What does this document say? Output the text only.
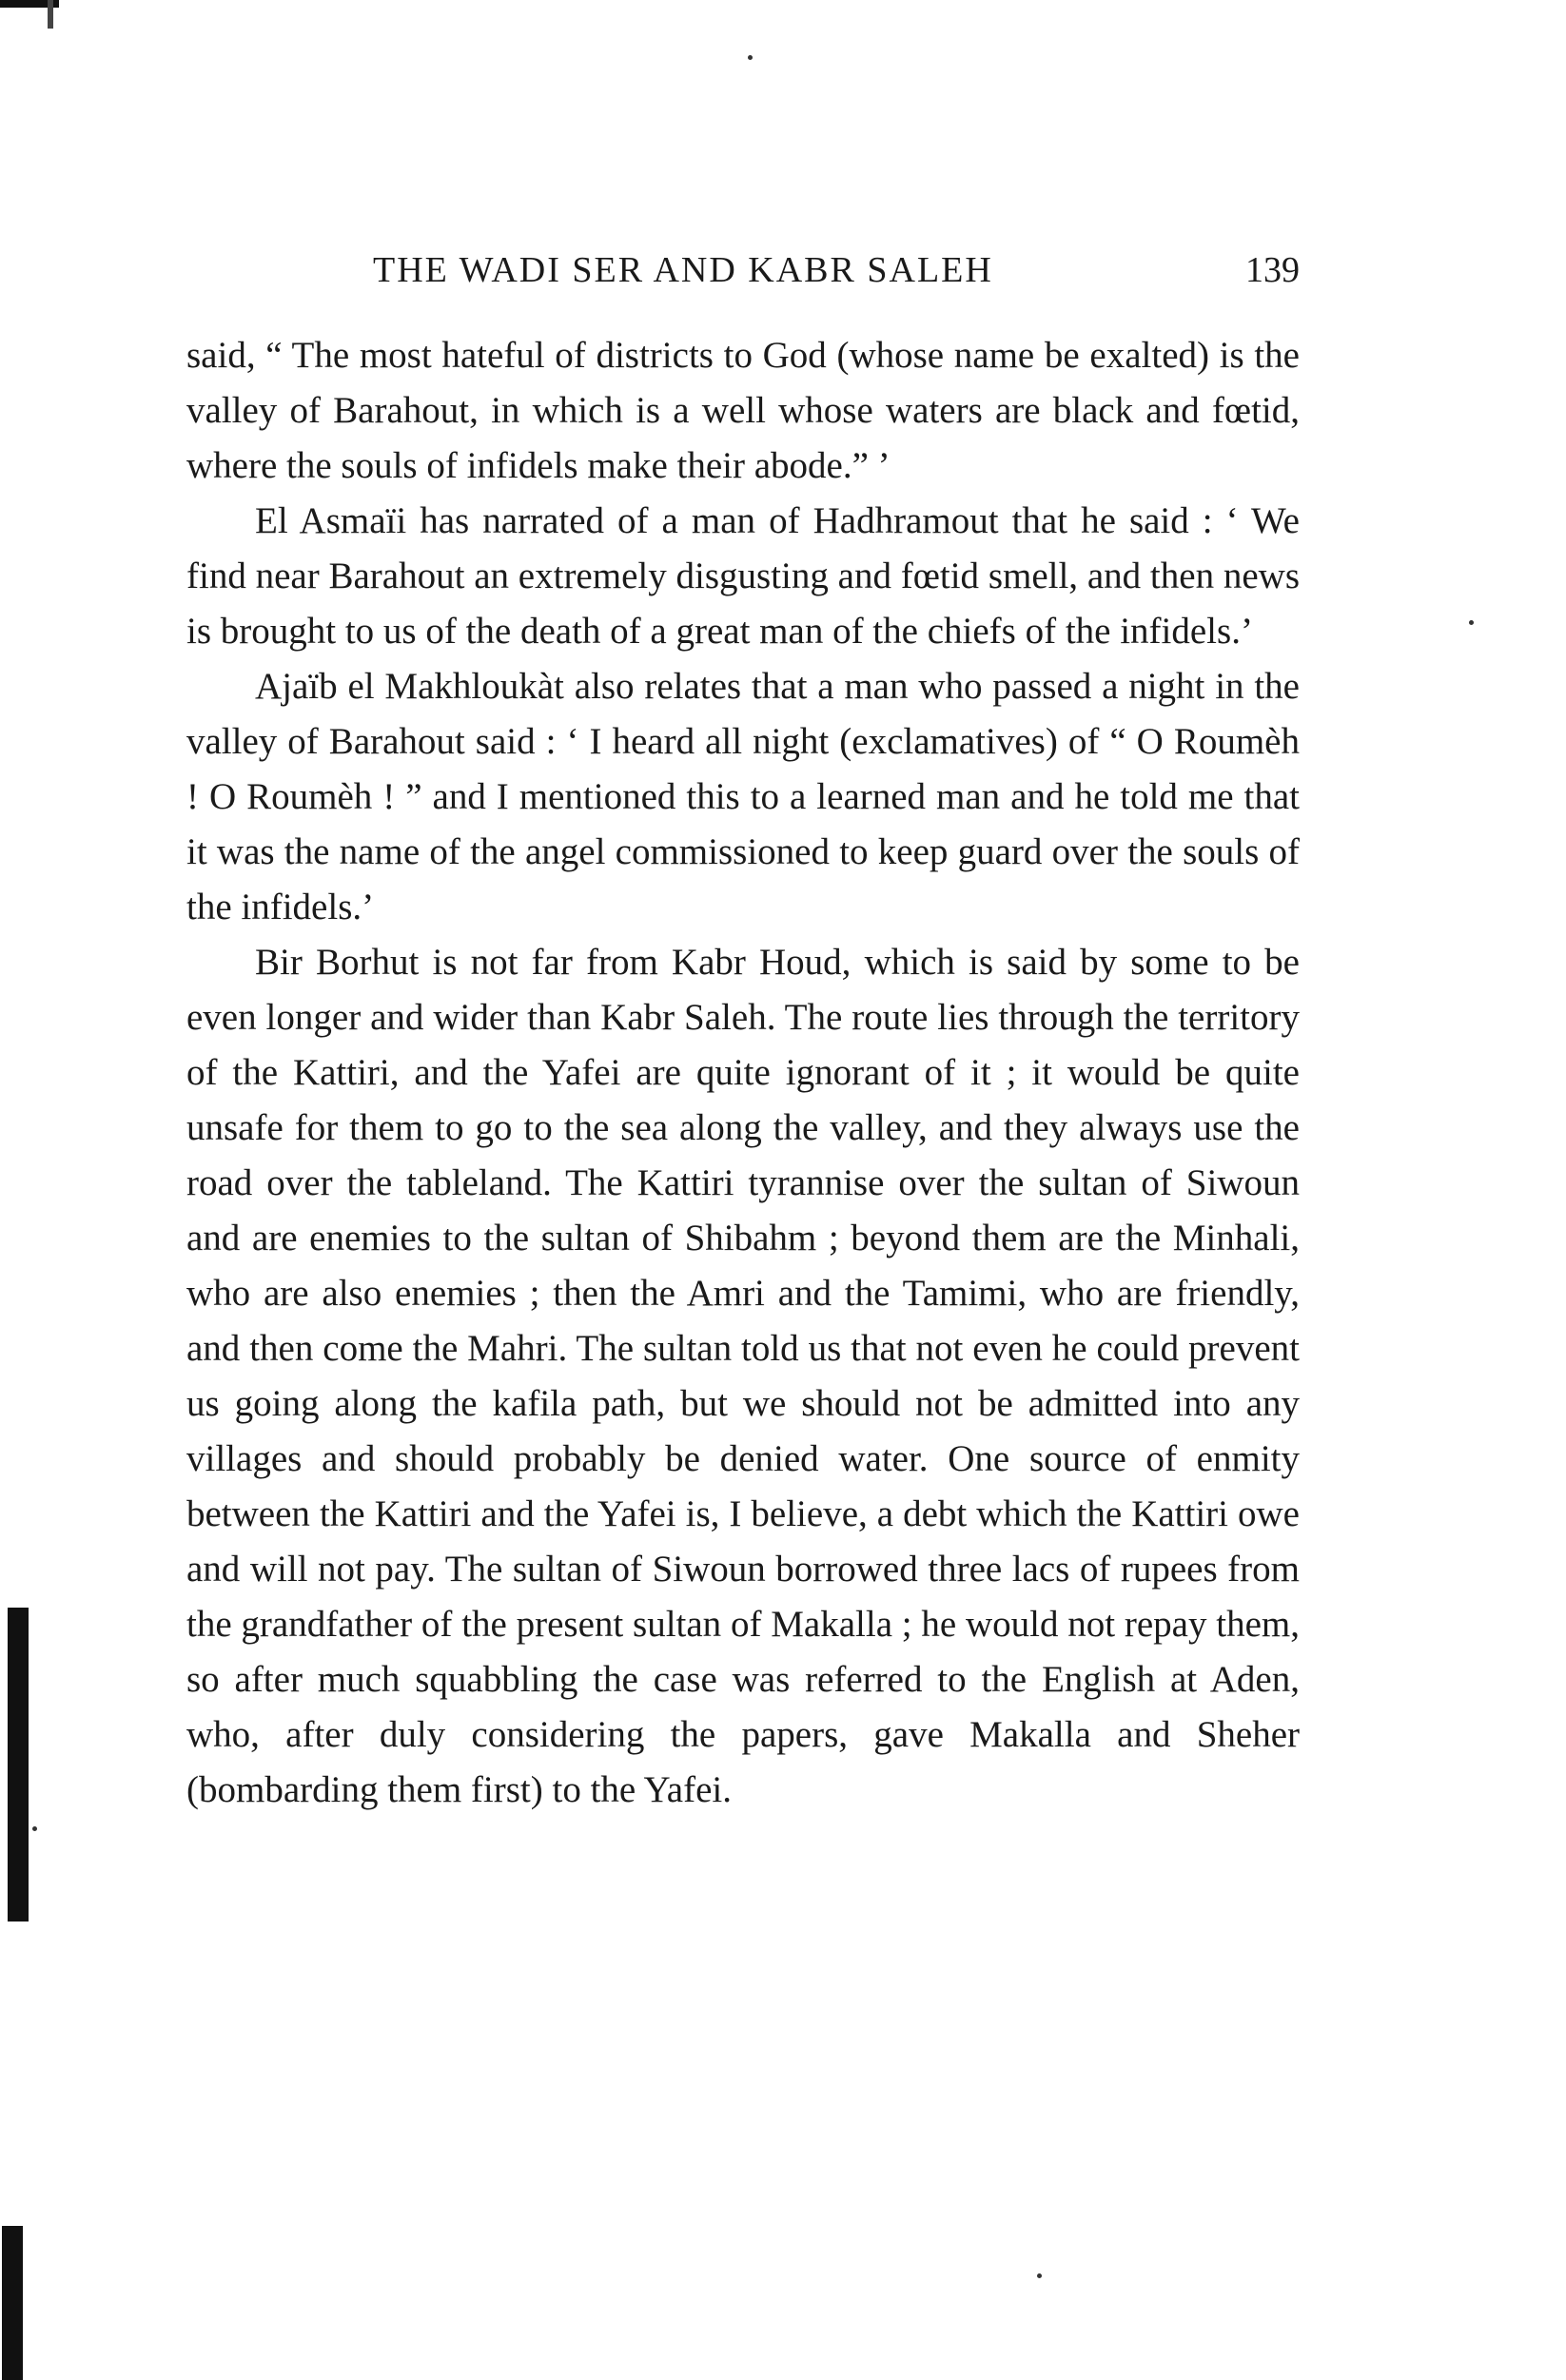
THE WADI SER AND KABR SALEH	139

said, “ The most hateful of districts to God (whose name be exalted) is the valley of Barahout, in which is a well whose waters are black and fœtid, where the souls of infidels make their abode.” ’

El Asmaïi has narrated of a man of Hadhramout that he said : ‘ We find near Barahout an extremely disgusting and fœtid smell, and then news is brought to us of the death of a great man of the chiefs of the infidels.’

Ajaïb el Makhloukàt also relates that a man who passed a night in the valley of Barahout said : ‘ I heard all night (exclamatives) of “ O Roumèh ! O Roumèh ! ” and I mentioned this to a learned man and he told me that it was the name of the angel commissioned to keep guard over the souls of the infidels.’

Bir Borhut is not far from Kabr Houd, which is said by some to be even longer and wider than Kabr Saleh. The route lies through the territory of the Kattiri, and the Yafei are quite ignorant of it ; it would be quite unsafe for them to go to the sea along the valley, and they always use the road over the tableland. The Kattiri tyrannise over the sultan of Siwoun and are enemies to the sultan of Shibahm ; beyond them are the Minhali, who are also enemies ; then the Amri and the Tamimi, who are friendly, and then come the Mahri. The sultan told us that not even he could prevent us going along the kafila path, but we should not be admitted into any villages and should probably be denied water. One source of enmity between the Kattiri and the Yafei is, I believe, a debt which the Kattiri owe and will not pay. The sultan of Siwoun borrowed three lacs of rupees from the grandfather of the present sultan of Makalla ; he would not repay them, so after much squabbling the case was referred to the English at Aden, who, after duly considering the papers, gave Makalla and Sheher (bombarding them first) to the Yafei.
